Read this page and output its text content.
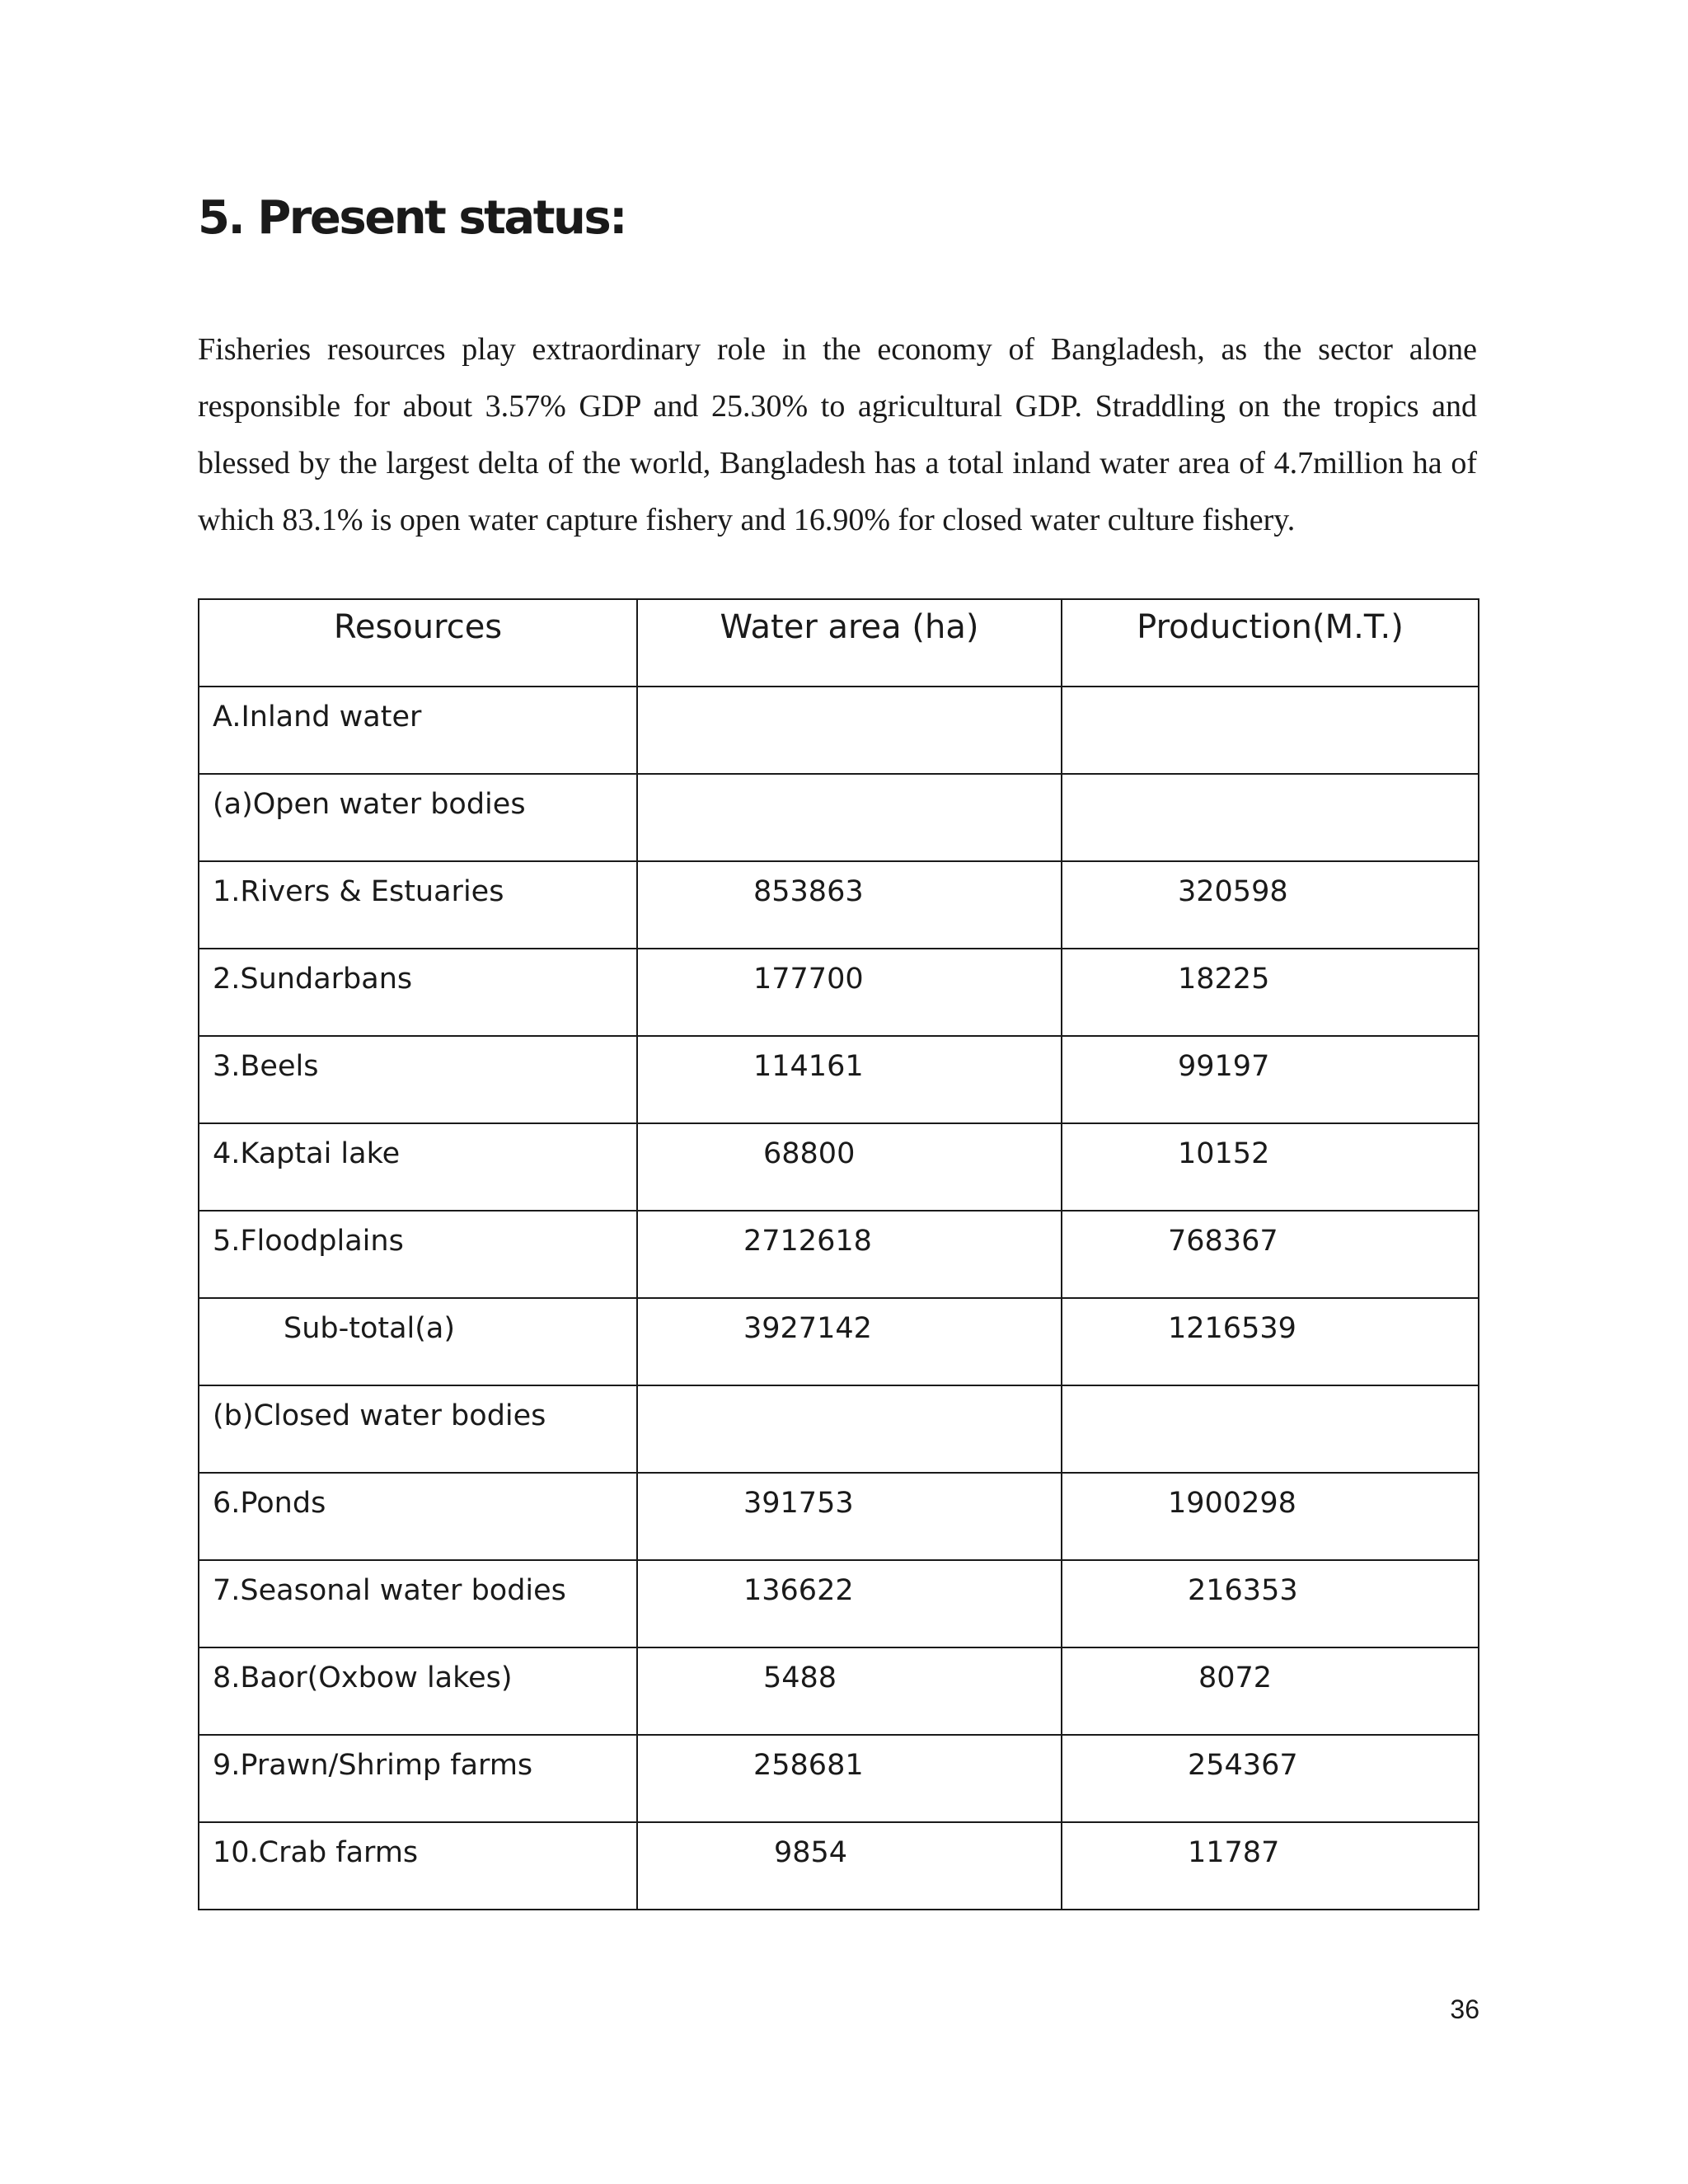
5. Present status:

Fisheries resources play extraordinary role in the economy of Bangladesh, as the sector alone responsible for about 3.57% GDP and 25.30% to agricultural GDP. Straddling on the tropics and blessed by the largest delta of the world, Bangladesh has a total inland water area of 4.7million ha of which 83.1% is open water capture fishery and 16.90% for closed water culture fishery.

Resources	Water area (ha)	Production(M.T.)
A.Inland water		
(a)Open water bodies		
1.Rivers & Estuaries	853863	320598
2.Sundarbans	177700	18225
3.Beels	114161	99197
4.Kaptai lake	68800	10152
5.Floodplains	2712618	768367
Sub-total(a)	3927142	1216539
(b)Closed water bodies		
6.Ponds	391753	1900298
7.Seasonal water bodies	136622	216353
8.Baor(Oxbow lakes)	5488	8072
9.Prawn/Shrimp farms	258681	254367
10.Crab farms	9854	11787
36
